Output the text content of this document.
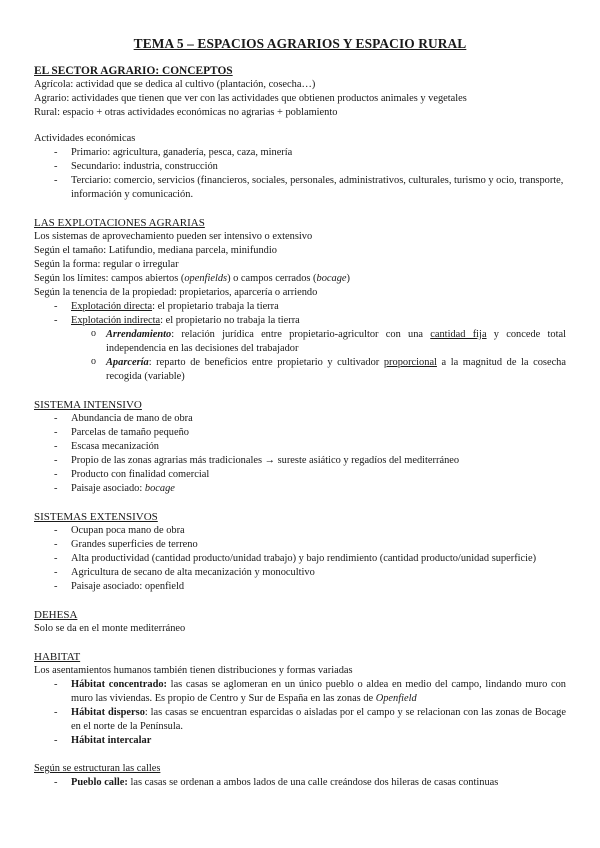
TEMA 5 – ESPACIOS AGRARIOS Y ESPACIO RURAL
EL SECTOR AGRARIO: CONCEPTOS
Agrícola: actividad que se dedica al cultivo (plantación, cosecha…)
Agrario: actividades que tienen que ver con las actividades que obtienen productos animales y vegetales
Rural: espacio + otras actividades económicas no agrarias + poblamiento
Actividades económicas
- Primario: agricultura, ganadería, pesca, caza, minería
- Secundario: industria, construcción
- Terciario: comercio, servicios (financieros, sociales, personales, administrativos, culturales, turismo y ocio, transporte, información y comunicación.
LAS EXPLOTACIONES AGRARIAS
Los sistemas de aprovechamiento pueden ser intensivo o extensivo
Según el tamaño: Latifundio, mediana parcela, minifundio
Según la forma: regular o irregular
Según los límites: campos abiertos (openfields) o campos cerrados (bocage)
Según la tenencia de la propiedad: propietarios, aparcería o arriendo
- Explotación directa: el propietario trabaja la tierra
- Explotación indirecta: el propietario no trabaja la tierra
o Arrendamiento: relación jurídica entre propietario-agricultor con una cantidad fija y concede total independencia en las decisiones del trabajador
o Aparcería: reparto de beneficios entre propietario y cultivador proporcional a la magnitud de la cosecha recogida (variable)
SISTEMA INTENSIVO
- Abundancia de mano de obra
- Parcelas de tamaño pequeño
- Escasa mecanización
- Propio de las zonas agrarias más tradicionales → sureste asiático y regadíos del mediterráneo
- Producto con finalidad comercial
- Paisaje asociado: bocage
SISTEMAS EXTENSIVOS
- Ocupan poca mano de obra
- Grandes superficies de terreno
- Alta productividad (cantidad producto/unidad trabajo) y bajo rendimiento (cantidad producto/unidad superficie)
- Agricultura de secano de alta mecanización y monocultivo
- Paisaje asociado: openfield
DEHESA
Solo se da en el monte mediterráneo
HABITAT
Los asentamientos humanos también tienen distribuciones y formas variadas
- Hábitat concentrado: las casas se aglomeran en un único pueblo o aldea en medio del campo, lindando muro con muro las viviendas. Es propio de Centro y Sur de España en las zonas de Openfield
- Hábitat disperso: las casas se encuentran esparcidas o aisladas por el campo y se relacionan con las zonas de Bocage en el norte de la Península.
- Hábitat intercalar
Según se estructuran las calles
- Pueblo calle: las casas se ordenan a ambos lados de una calle creándose dos hileras de casas continuas
